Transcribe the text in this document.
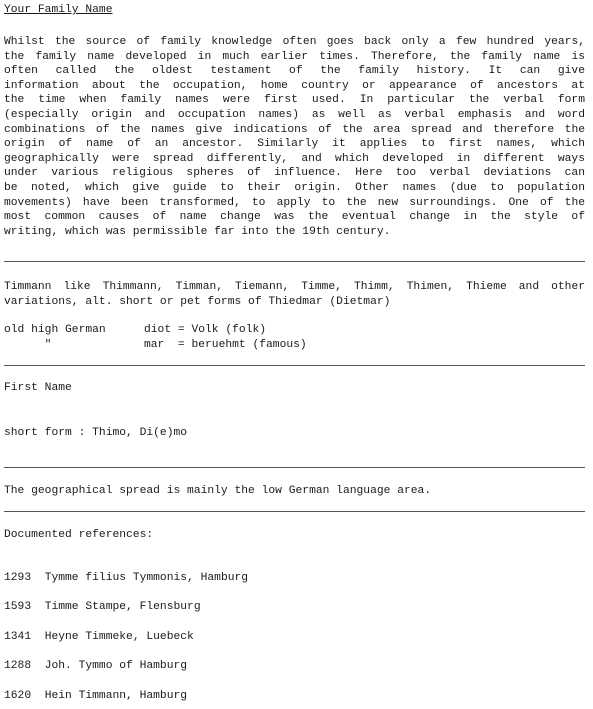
Your Family Name
Whilst the source of family knowledge often goes back only a few hundred years,
the family name developed in much earlier times. Therefore, the family name is
often called the oldest testament of the family history. It can give
information about the occupation, home country or appearance of ancestors at
the time when family names were first used. In particular the verbal form
(especially origin and occupation names) as well as verbal emphasis and word
combinations of the names give indications of the area spread and therefore the
origin of name of an ancestor. Similarly it applies to first names, which
geographically were spread differently, and which developed in different ways
under various religious spheres of influence. Here too verbal deviations can
be noted, which give guide to their origin. Other names (due to population
movements) have been transformed, to apply to the new surroundings. One of the
most common causes of name change was the eventual change in the style of
writing, which was permissible far into the 19th century.
Timmann like Thimmann, Timman, Tiemann, Timme, Thimm, Thimen, Thieme and other
variations, alt. short or pet forms of Thiedmar (Dietmar)
old high German	diot = Volk (folk)
"	mar  = beruehmt (famous)
First Name
short form : Thimo, Di(e)mo
The geographical spread is mainly the low German language area.
Documented references:
1293 Tymme filius Tymmonis, Hamburg
1593 Timme Stampe, Flensburg
1341 Heyne Timmeke, Luebeck
1288 Joh. Tymmo of Hamburg
1620 Hein Timmann, Hamburg
